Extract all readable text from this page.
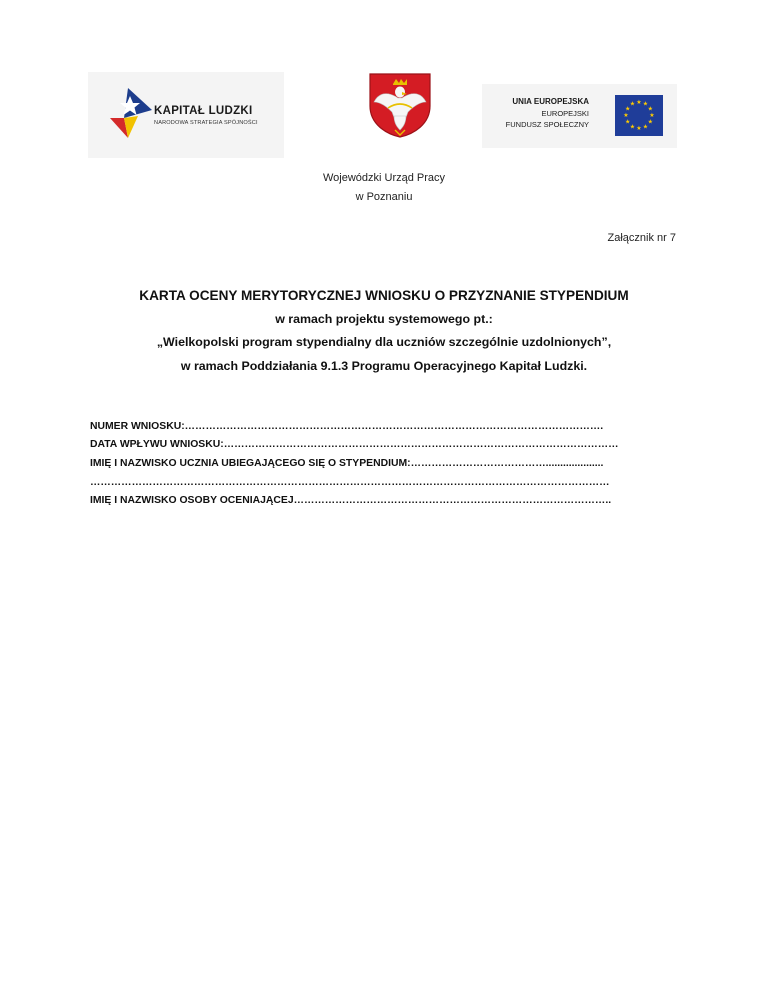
KAPITAŁ LUDZKI
NARODOWA STRATEGIA SPÓJNOŚCI
UNIA EUROPEJSKA
EUROPEJSKI
FUNDUSZ SPOŁECZNY
★ ★
★
★
★
★
★
★
★
★
★
★
Wojewódzki Urząd Pracy
w Poznaniu
Załącznik nr 7
KARTA OCENY MERYTORYCZNEJ WNIOSKU O PRZYZNANIE STYPENDIUM
w ramach projektu systemowego pt.:
„Wielkopolski program stypendialny dla uczniów szczególnie uzdolnionych”,
w ramach Poddziałania 9.1.3 Programu Operacyjnego Kapitał Ludzki.
NUMER WNIOSKU:………………………………………………………………………………………………………….
DATA WPŁYWU WNIOSKU:……………………………………………………………………………………………………
IMIĘ I NAZWISKO UCZNIA UBIEGAJĄCEGO SIĘ O STYPENDIUM:…………………………………....................
……………………………………………………………………………………………………………………………………
IMIĘ I NAZWISKO OSOBY OCENIAJĄCEJ………………………………………………………………………………..
